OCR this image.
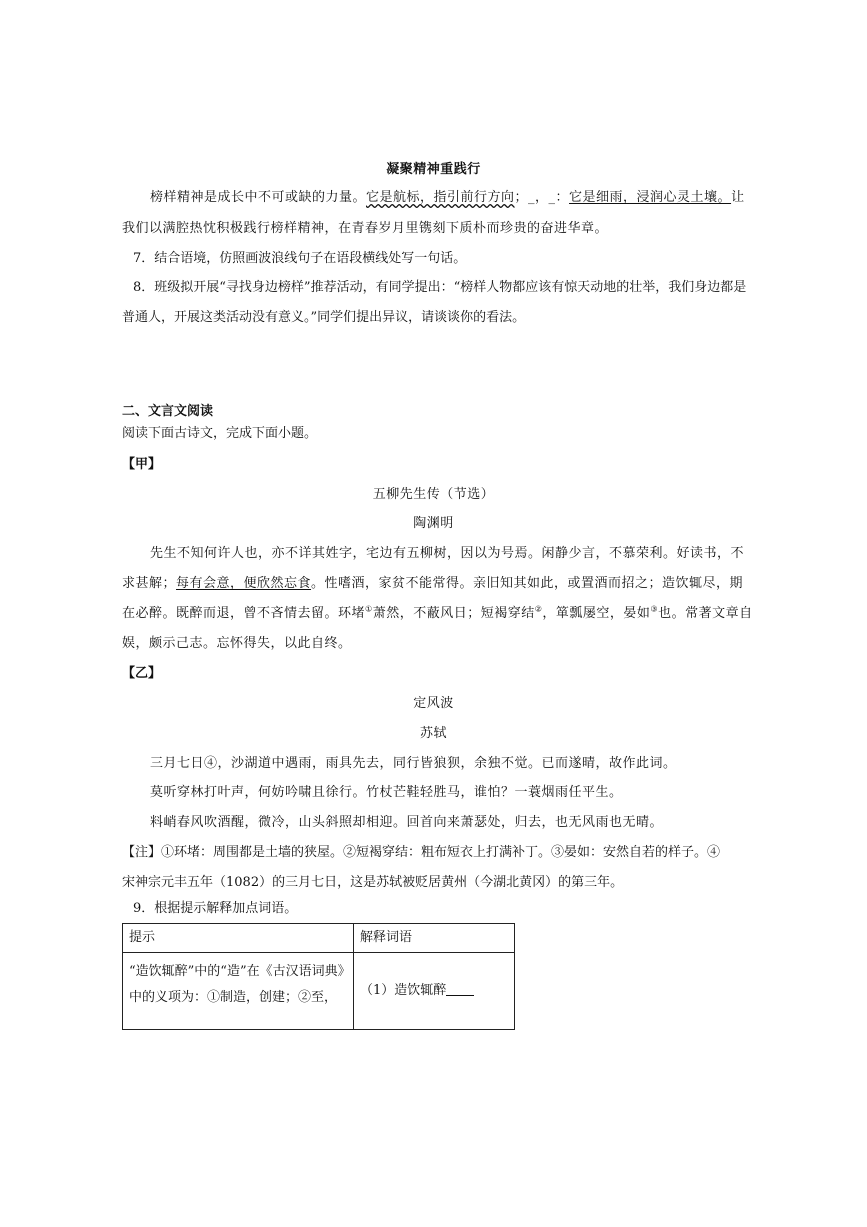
凝聚精神重践行
榜样精神是成长中不可或缺的力量。它是航标，指引前行方向；_，_：它是细雨，浸润心灵土壤。让
我们以满腔热忱积极践行榜样精神，在青春岁月里镌刻下质朴而珍贵的奋进华章。
7．结合语境，仿照画波浪线句子在语段横线处写一句话。
8．班级拟开展“寻找身边榜样”推荐活动，有同学提出：“榜样人物都应该有惊天动地的壮举，我们身边都是
普通人，开展这类活动没有意义。”同学们提出异议，请谈谈你的看法。
二、文言文阅读
阅读下面古诗文，完成下面小题。
【甲】
五柳先生传（节选）
陶渊明
先生不知何许人也，亦不详其姓字，宅边有五柳树，因以为号焉。闲静少言，不慕荣利。好读书，不
求甚解；每有会意，便欣然忘食。性嗜酒，家贫不能常得。亲旧知其如此，或置酒而招之；造饮辄尽，期
在必醉。既醉而退，曾不吝情去留。环堵①萧然，不蔽风日；短褐穿结②，箪瓢屡空，晏如③也。常著文章自
娱，颇示己志。忘怀得失，以此自终。
【乙】
定风波
苏轼
三月七日④，沙湖道中遇雨，雨具先去，同行皆狼狈，余独不觉。已而遂晴，故作此词。
莫听穿林打叶声，何妨吟啸且徐行。竹杖芒鞋轻胜马，谁怕？一蓑烟雨任平生。
料峭春风吹酒醒，微冷，山头斜照却相迎。回首向来萧瑟处，归去，也无风雨也无晴。
【注】①环堵：周围都是土墙的狭屋。②短褐穿结：粗布短衣上打满补丁。③晏如：安然自若的样子。④
宋神宗元丰五年（1082）的三月七日，这是苏轼被贬居黄州（今湖北黄冈）的第三年。
9．根据提示解释加点词语。
提示	解释词语

“造饮辄醉”中的“造”在《古汉语词典》
中的义项为：①制造，创建；②至，	（1）造饮辄醉
